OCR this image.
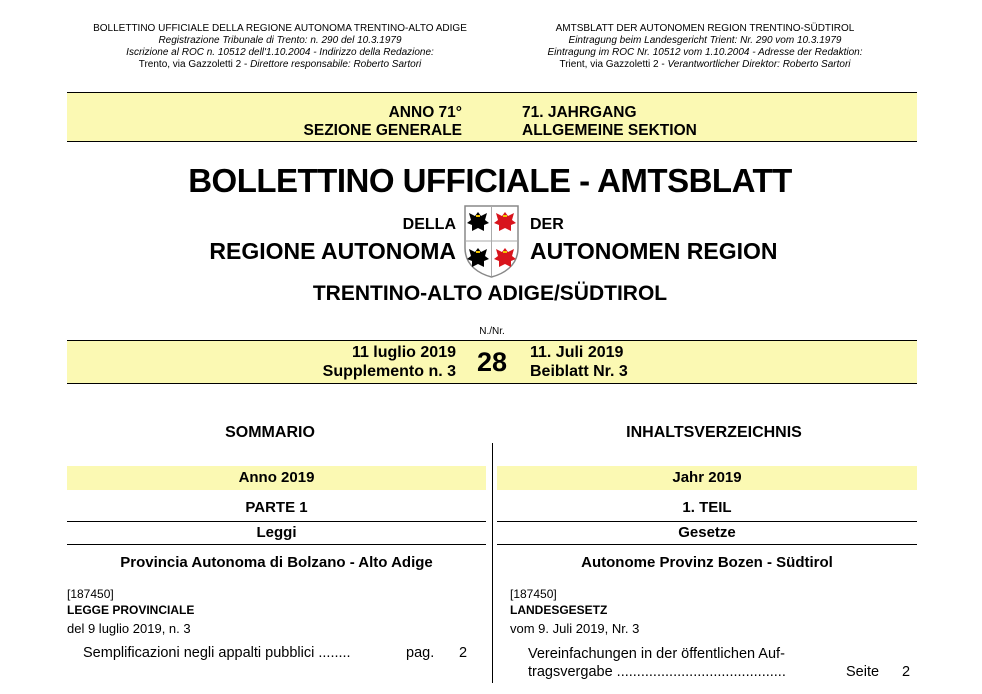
BOLLETTINO UFFICIALE DELLA REGIONE AUTONOMA TRENTINO-ALTO ADIGE
Registrazione Tribunale di Trento: n. 290 del 10.3.1979
Iscrizione al ROC n. 10512 dell'1.10.2004 - Indirizzo della Redazione:
Trento, via Gazzoletti 2 - Direttore responsabile: Roberto Sartori
AMTSBLATT DER AUTONOMEN REGION TRENTINO-SÜDTIROL
Eintragung beim Landesgericht Trient: Nr. 290 vom 10.3.1979
Eintragung im ROC Nr. 10512 vom 1.10.2004 - Adresse der Redaktion:
Trient, via Gazzoletti 2 - Verantwortlicher Direktor: Roberto Sartori
ANNO 71°
SEZIONE GENERALE
71. JAHRGANG
ALLGEMEINE SEKTION
BOLLETTINO UFFICIALE - AMTSBLATT
DELLA	DER
REGIONE AUTONOMA	AUTONOMEN REGION
TRENTINO-ALTO ADIGE/SÜDTIROL
N./Nr.
11 luglio 2019
Supplemento n. 3 28	11. Juli 2019
Beiblatt Nr. 3
SOMMARIO
Anno 2019
PARTE 1
Leggi
Provincia Autonoma di Bolzano - Alto Adige
[187450]
LEGGE PROVINCIALE
del 9 luglio 2019, n. 3
Semplificazioni negli appalti pubblici ........	pag. 2
INHALTSVERZEICHNIS
Jahr 2019
1. TEIL
Gesetze
Autonome Provinz Bozen - Südtirol
[187450]
LANDESGESETZ
vom 9. Juli 2019, Nr. 3
Vereinfachungen in der öffentlichen Auf-
tragsvergabe ..........................................	Seite 2
